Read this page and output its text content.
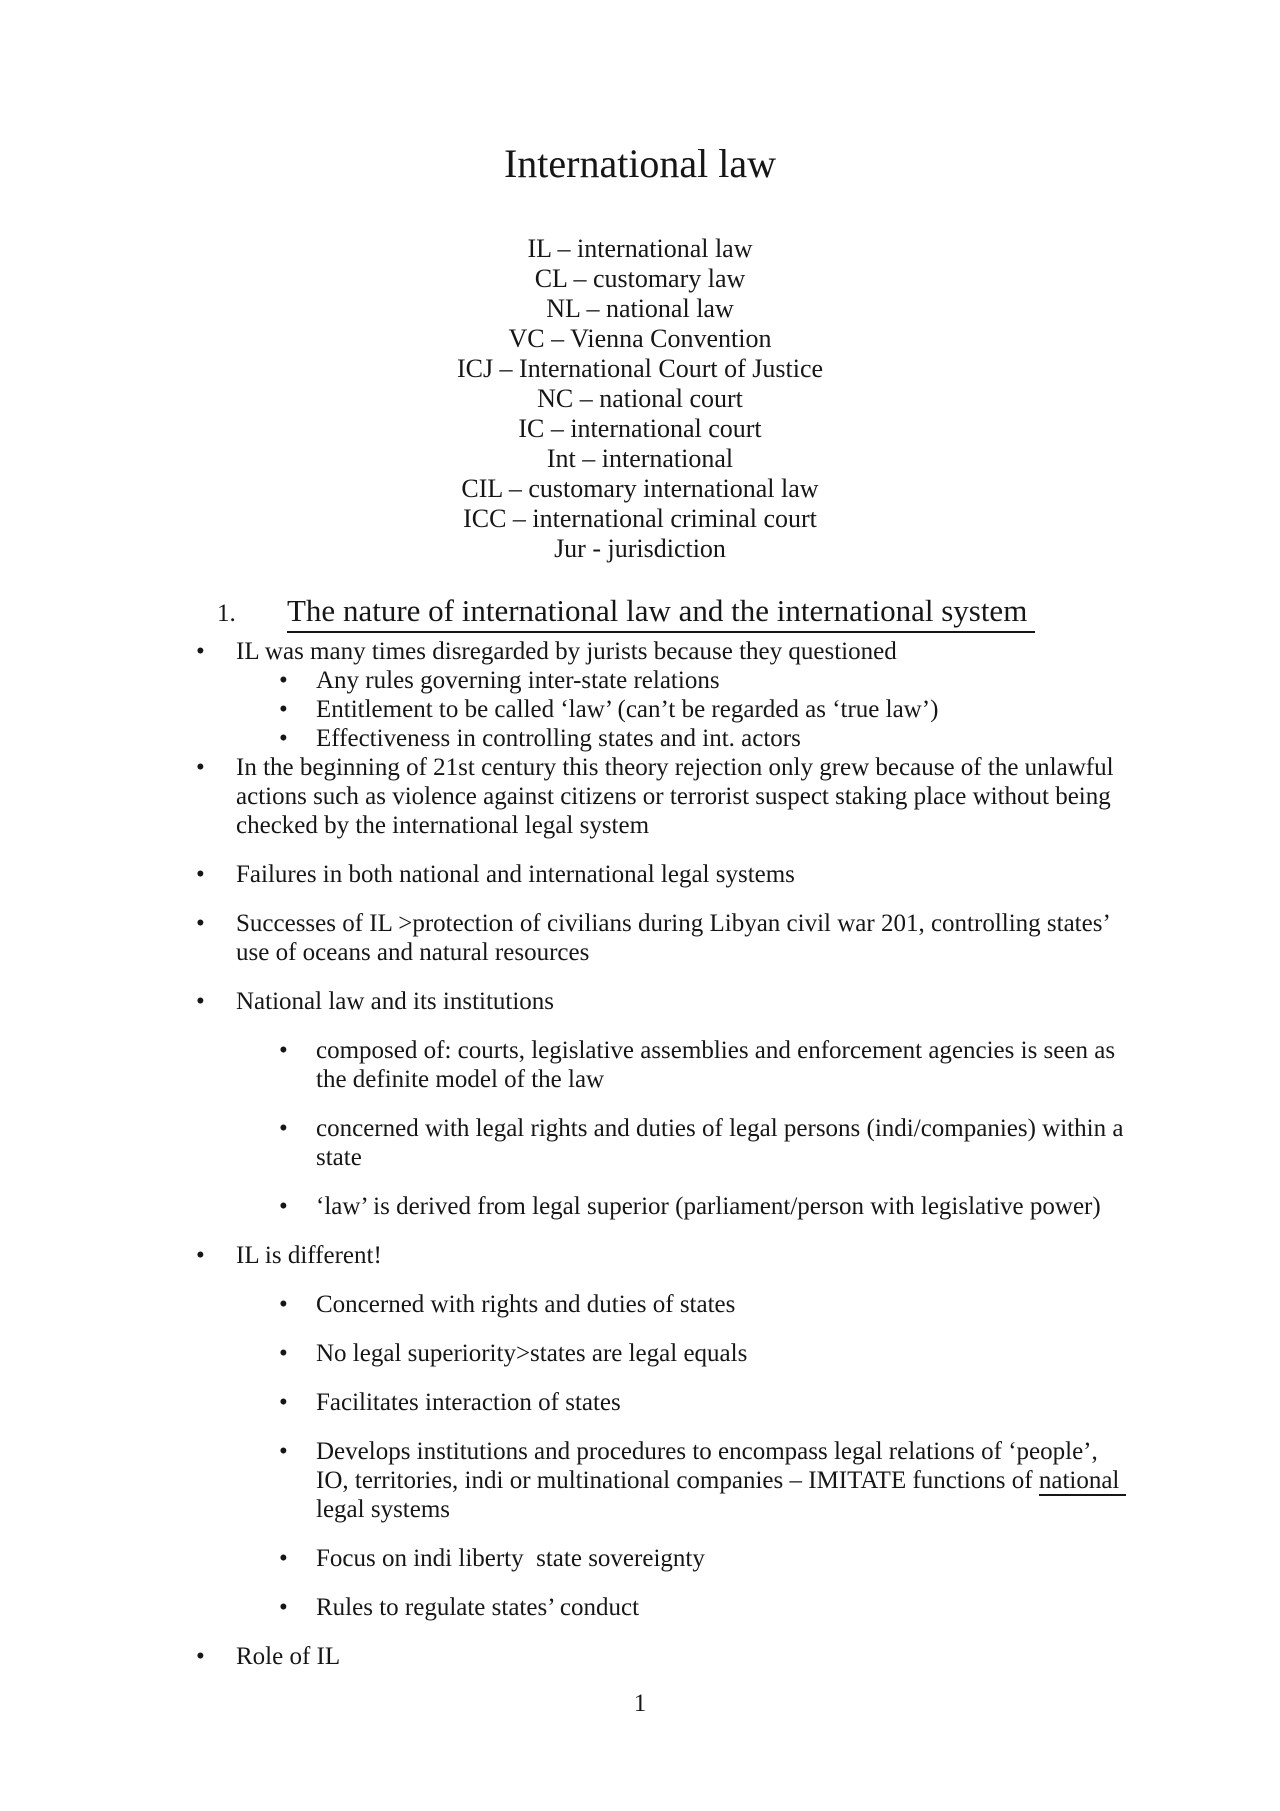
International law
IL – international law
CL – customary law
NL – national law
VC – Vienna Convention
ICJ – International Court of Justice
NC – national court
IC – international court
Int – international
CIL – customary international law
ICC – international criminal court
Jur - jurisdiction
1.	The nature of international law and the international system
• IL was many times disregarded by jurists because they questioned
• Any rules governing inter-state relations
• Entitlement to be called ‘law’ (can’t be regarded as ‘true law’)
• Effectiveness in controlling states and int. actors
• In the beginning of 21st century this theory rejection only grew because of the unlawful
actions such as violence against citizens or terrorist suspect staking place without being
checked by the international legal system
• Failures in both national and international legal systems
• Successes of IL >protection of civilians during Libyan civil war 201, controlling states’
use of oceans and natural resources
• National law and its institutions
• composed of: courts, legislative assemblies and enforcement agencies is seen as
the definite model of the law
• concerned with legal rights and duties of legal persons (indi/companies) within a
state
• ‘law’ is derived from legal superior (parliament/person with legislative power)
• IL is different!
• Concerned with rights and duties of states
• No legal superiority>states are legal equals
• Facilitates interaction of states
• Develops institutions and procedures to encompass legal relations of ‘people’,
IO, territories, indi or multinational companies – IMITATE functions of national
legal systems
• Focus on indi liberty  state sovereignty
• Rules to regulate states’ conduct
• Role of IL
1
